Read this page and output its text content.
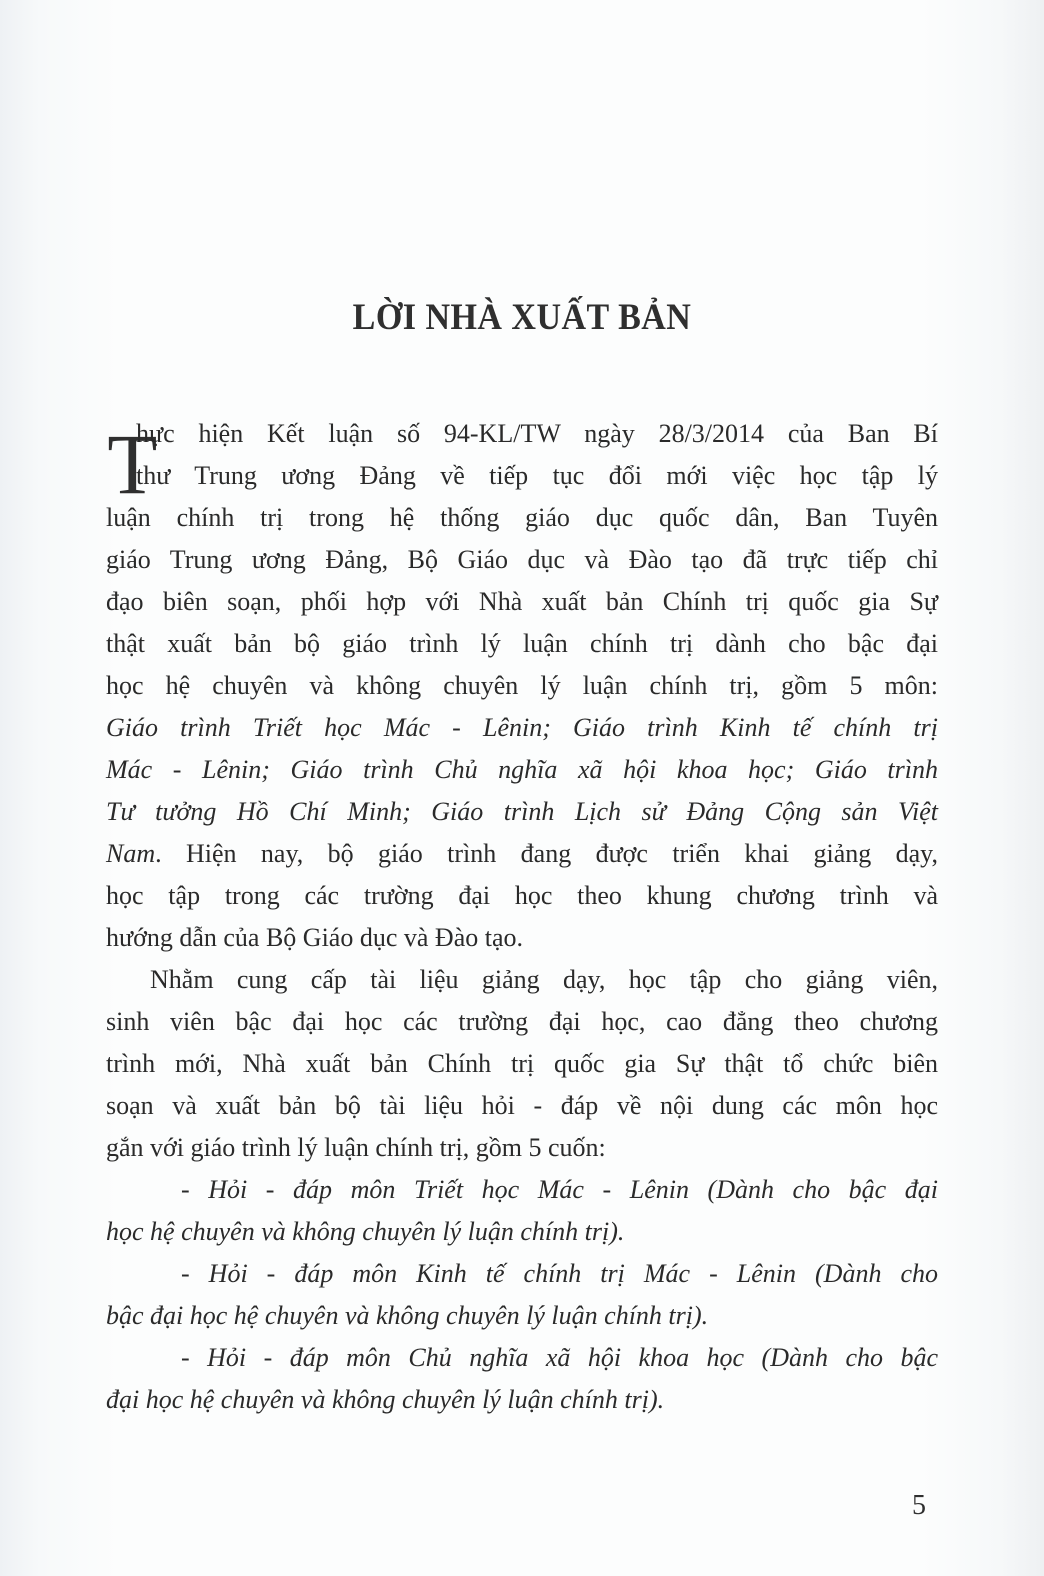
LỜI NHÀ XUẤT BẢN
T
hực hiện Kết luận số 94-KL/TW ngày 28/3/2014 của Ban Bí
thư Trung ương Đảng về tiếp tục đổi mới việc học tập lý
luận chính trị trong hệ thống giáo dục quốc dân, Ban Tuyên
giáo Trung ương Đảng, Bộ Giáo dục và Đào tạo đã trực tiếp chỉ
đạo biên soạn, phối hợp với Nhà xuất bản Chính trị quốc gia Sự
thật xuất bản bộ giáo trình lý luận chính trị dành cho bậc đại
học hệ chuyên và không chuyên lý luận chính trị, gồm 5 môn:
Giáo trình Triết học Mác - Lênin; Giáo trình Kinh tế chính trị
Mác - Lênin; Giáo trình Chủ nghĩa xã hội khoa học; Giáo trình
Tư tưởng Hồ Chí Minh; Giáo trình Lịch sử Đảng Cộng sản Việt
Nam. Hiện nay, bộ giáo trình đang được triển khai giảng dạy,
học tập trong các trường đại học theo khung chương trình và
hướng dẫn của Bộ Giáo dục và Đào tạo.
Nhằm cung cấp tài liệu giảng dạy, học tập cho giảng viên,
sinh viên bậc đại học các trường đại học, cao đẳng theo chương
trình mới, Nhà xuất bản Chính trị quốc gia Sự thật tổ chức biên
soạn và xuất bản bộ tài liệu hỏi - đáp về nội dung các môn học
gắn với giáo trình lý luận chính trị, gồm 5 cuốn:
- Hỏi - đáp môn Triết học Mác - Lênin (Dành cho bậc đại
học hệ chuyên và không chuyên lý luận chính trị).
- Hỏi - đáp môn Kinh tế chính trị Mác - Lênin (Dành cho
bậc đại học hệ chuyên và không chuyên lý luận chính trị).
- Hỏi - đáp môn Chủ nghĩa xã hội khoa học (Dành cho bậc
đại học hệ chuyên và không chuyên lý luận chính trị).
5
